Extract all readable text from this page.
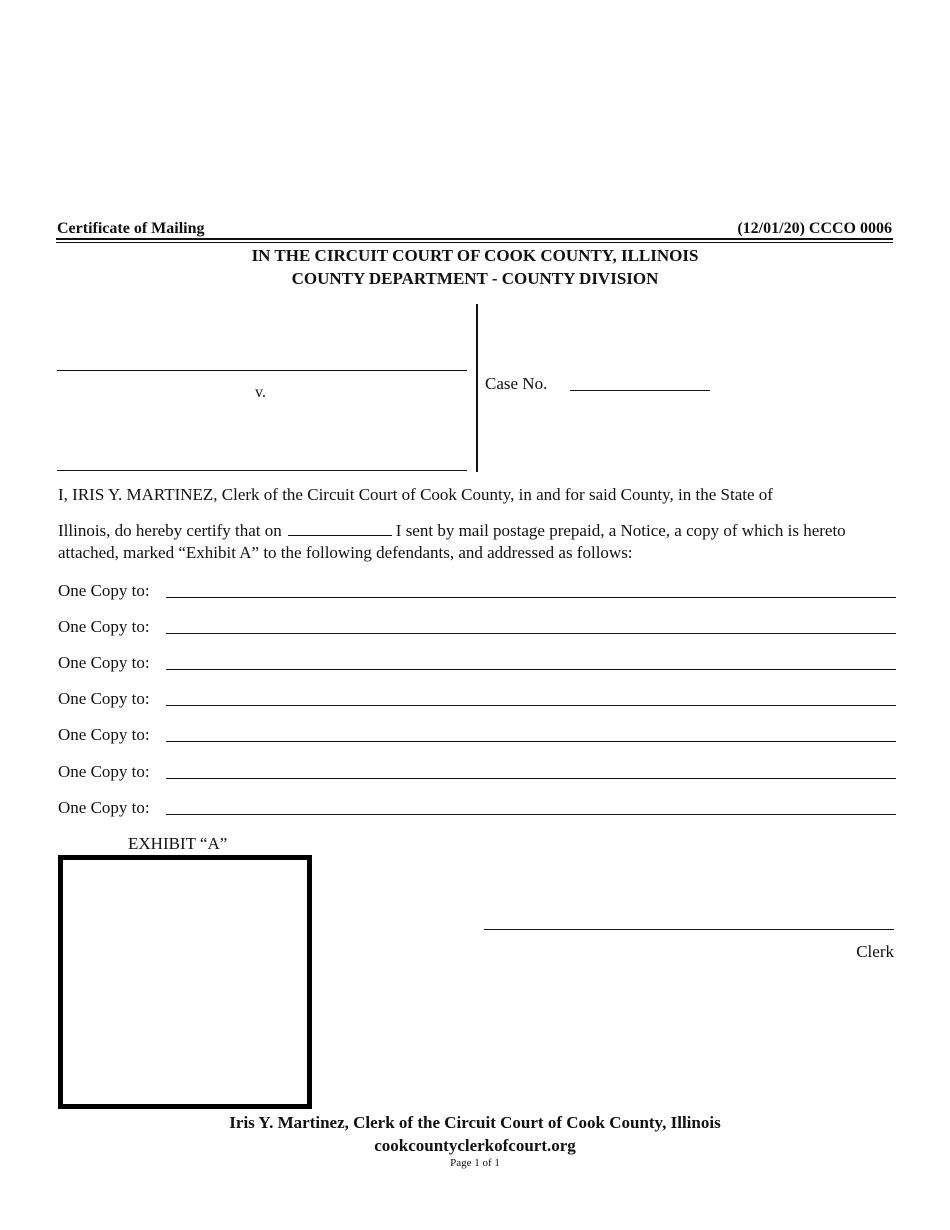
Certificate of Mailing	(12/01/20) CCCO 0006
IN THE CIRCUIT COURT OF COOK COUNTY, ILLINOIS
COUNTY DEPARTMENT - COUNTY DIVISION
v.	Case No.
I, IRIS Y. MARTINEZ, Clerk of the Circuit Court of Cook County, in and for said County, in the State of
Illinois, do hereby certify that on	I sent by mail postage prepaid, a Notice, a copy of which is hereto
attached, marked “Exhibit A” to the following defendants, and addressed as follows:
One Copy to:
One Copy to:
One Copy to:
One Copy to:
One Copy to:
One Copy to:
One Copy to:
EXHIBIT “A”
Clerk
Iris Y. Martinez, Clerk of the Circuit Court of Cook County, Illinois
cookcountyclerkofcourt.org
Page 1 of 1
